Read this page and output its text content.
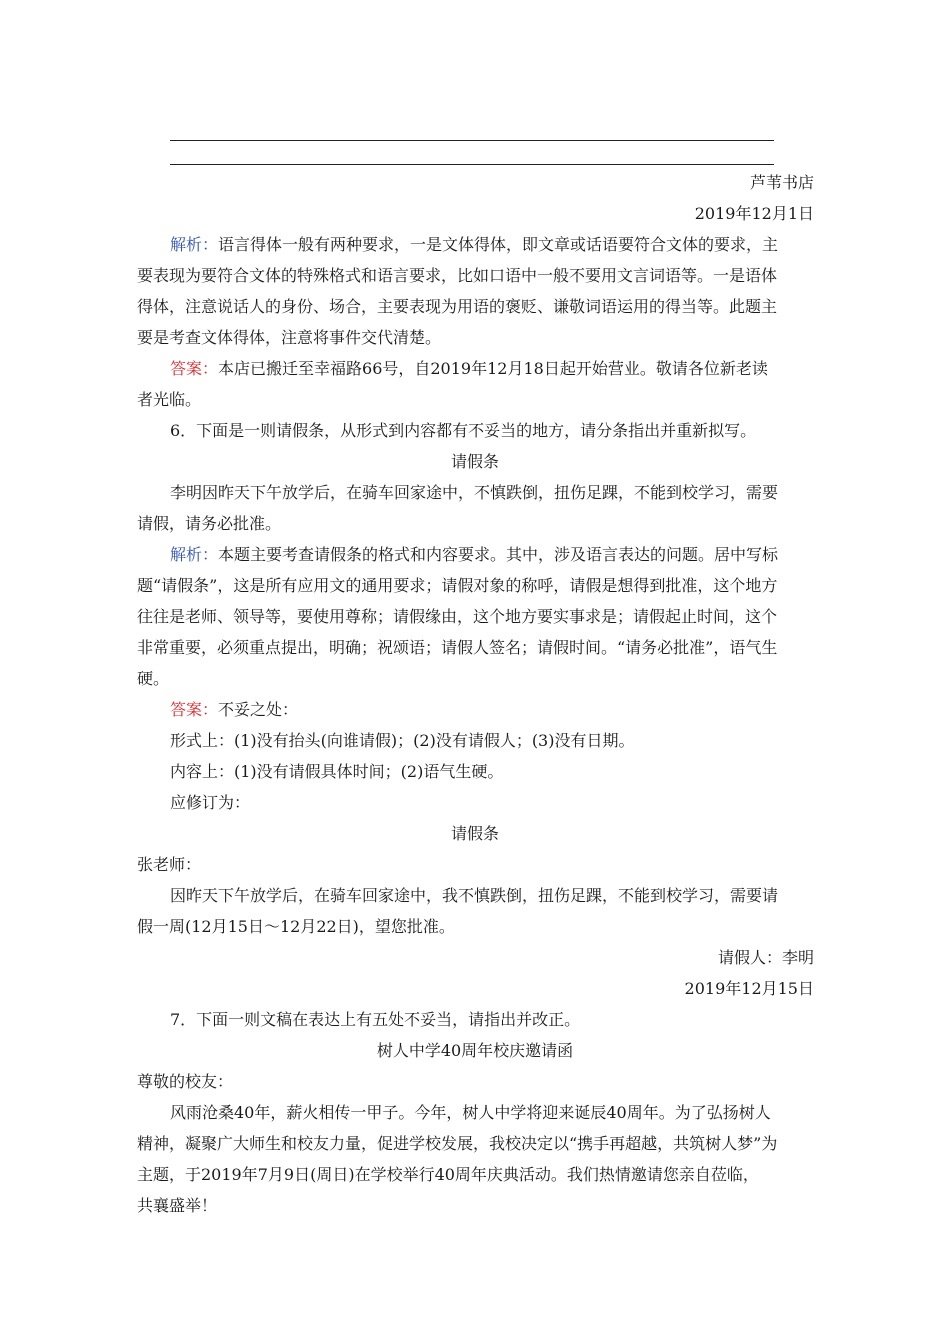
芦苇书店
2019年12月1日
解析：语言得体一般有两种要求，一是文体得体，即文章或话语要符合文体的要求，主
要表现为要符合文体的特殊格式和语言要求，比如口语中一般不要用文言词语等。一是语体
得体，注意说话人的身份、场合，主要表现为用语的褒贬、谦敬词语运用的得当等。此题主
要是考查文体得体，注意将事件交代清楚。
答案：本店已搬迁至幸福路66号，自2019年12月18日起开始营业。敬请各位新老读
者光临。
6．下面是一则请假条，从形式到内容都有不妥当的地方，请分条指出并重新拟写。
请假条
李明因昨天下午放学后，在骑车回家途中，不慎跌倒，扭伤足踝，不能到校学习，需要
请假，请务必批准。
解析：本题主要考查请假条的格式和内容要求。其中，涉及语言表达的问题。居中写标
题“请假条”，这是所有应用文的通用要求；请假对象的称呼，请假是想得到批准，这个地方
往往是老师、领导等，要使用尊称；请假缘由，这个地方要实事求是；请假起止时间，这个
非常重要，必须重点提出，明确；祝颂语；请假人签名；请假时间。“请务必批准”，语气生
硬。
答案：不妥之处：
形式上：(1)没有抬头(向谁请假)；(2)没有请假人；(3)没有日期。
内容上：(1)没有请假具体时间；(2)语气生硬。
应修订为：
请假条
张老师：
因昨天下午放学后，在骑车回家途中，我不慎跌倒，扭伤足踝，不能到校学习，需要请
假一周(12月15日～12月22日)，望您批准。
请假人：李明
2019年12月15日
7．下面一则文稿在表达上有五处不妥当，请指出并改正。
树人中学40周年校庆邀请函
尊敬的校友：
风雨沧桑40年，薪火相传一甲子。今年，树人中学将迎来诞辰40周年。为了弘扬树人
精神，凝聚广大师生和校友力量，促进学校发展，我校决定以“携手再超越，共筑树人梦”为
主题，于2019年7月9日(周日)在学校举行40周年庆典活动。我们热情邀请您亲自莅临，
共襄盛举！
